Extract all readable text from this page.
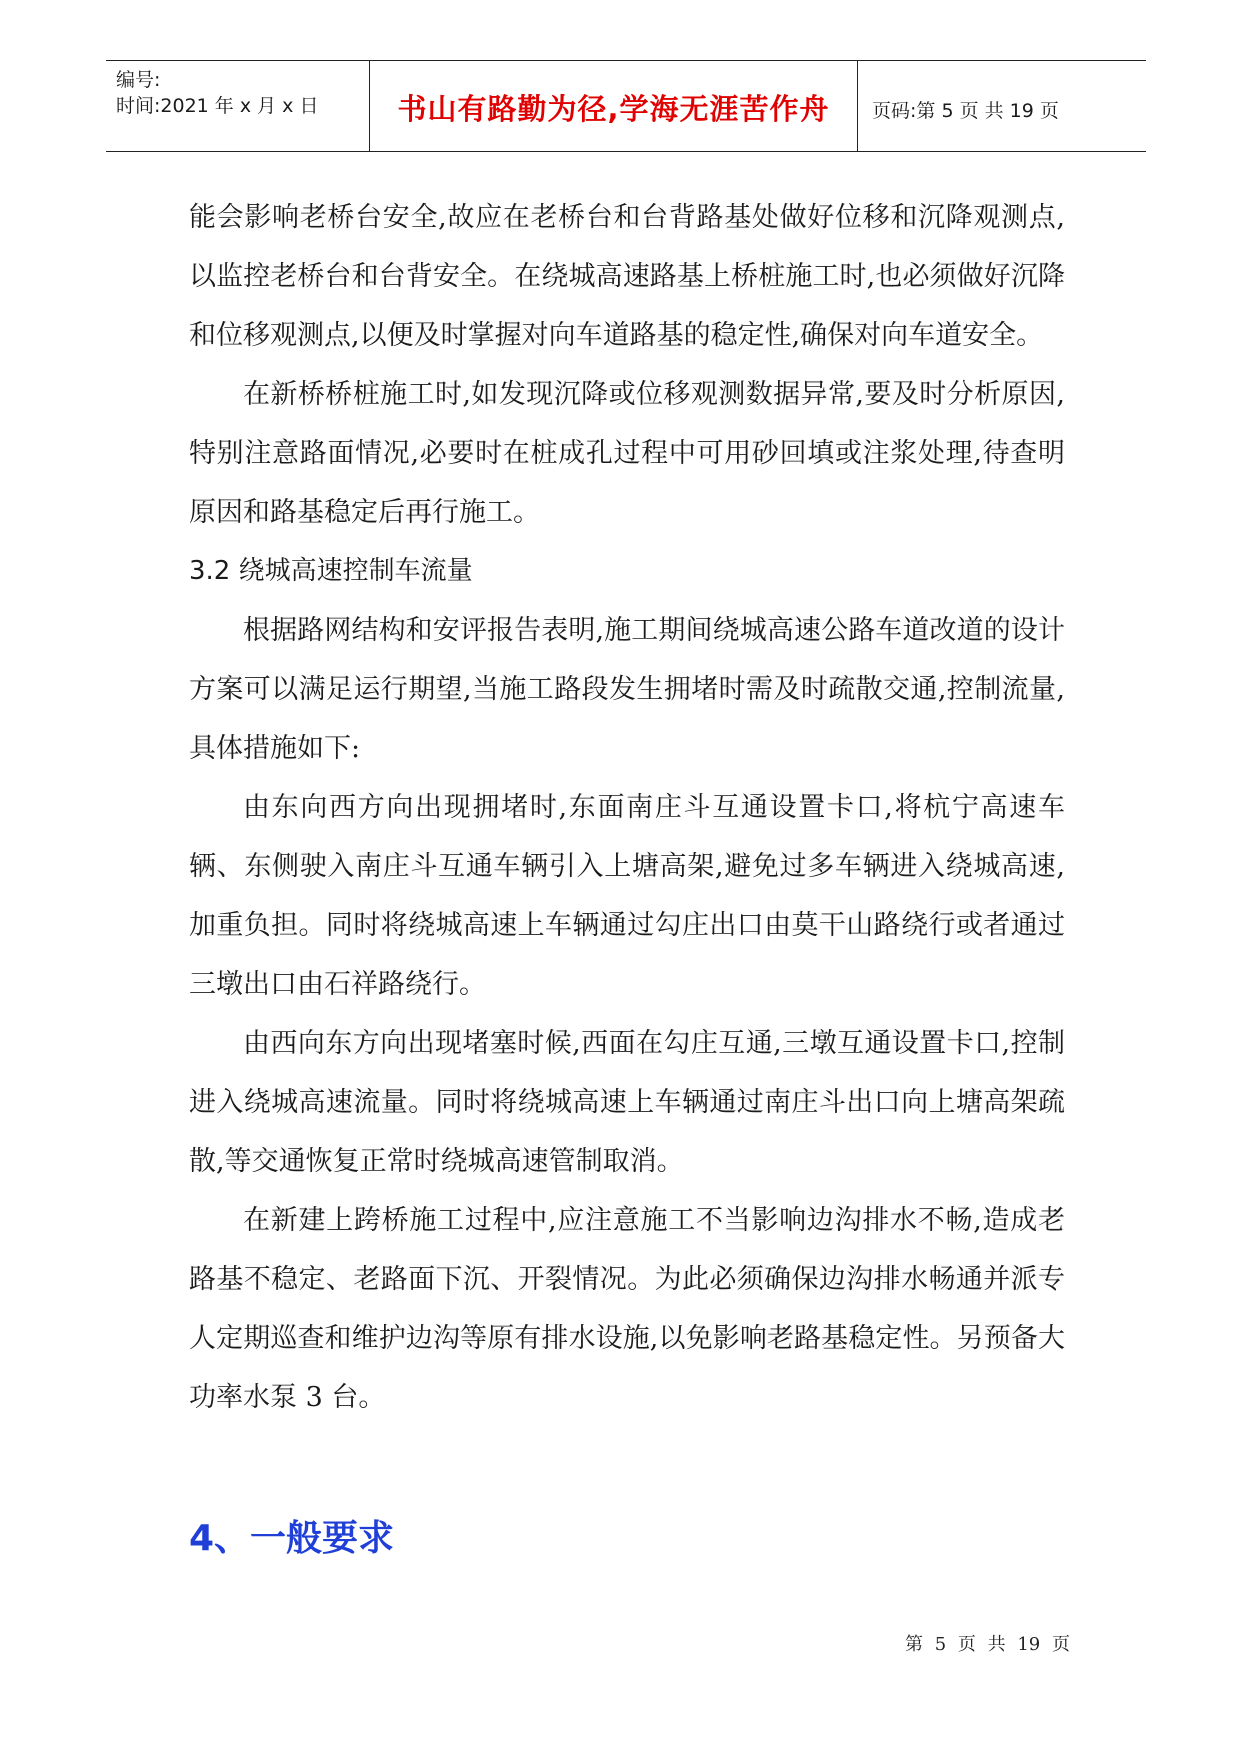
编号:
时间:2021 年 x 月 x 日	书山有路勤为径,学海无涯苦作舟	页码:第 5 页 共 19 页

能会影响老桥台安全,故应在老桥台和台背路基处做好位移和沉降观测点,以监控老桥台和台背安全。在绕城高速路基上桥桩施工时,也必须做好沉降和位移观测点,以便及时掌握对向车道路基的稳定性,确保对向车道安全。

在新桥桥桩施工时,如发现沉降或位移观测数据异常,要及时分析原因,特别注意路面情况,必要时在桩成孔过程中可用砂回填或注浆处理,待查明原因和路基稳定后再行施工。

3.2 绕城高速控制车流量

根据路网结构和安评报告表明,施工期间绕城高速公路车道改道的设计方案可以满足运行期望,当施工路段发生拥堵时需及时疏散交通,控制流量,具体措施如下:

由东向西方向出现拥堵时,东面南庄斗互通设置卡口,将杭宁高速车辆、东侧驶入南庄斗互通车辆引入上塘高架,避免过多车辆进入绕城高速,加重负担。同时将绕城高速上车辆通过勾庄出口由莫干山路绕行或者通过三墩出口由石祥路绕行。

由西向东方向出现堵塞时候,西面在勾庄互通,三墩互通设置卡口,控制进入绕城高速流量。同时将绕城高速上车辆通过南庄斗出口向上塘高架疏散,等交通恢复正常时绕城高速管制取消。

在新建上跨桥施工过程中,应注意施工不当影响边沟排水不畅,造成老路基不稳定、老路面下沉、开裂情况。为此必须确保边沟排水畅通并派专人定期巡查和维护边沟等原有排水设施,以免影响老路基稳定性。另预备大功率水泵 3 台。

4、一般要求
第 5 页 共 19 页
